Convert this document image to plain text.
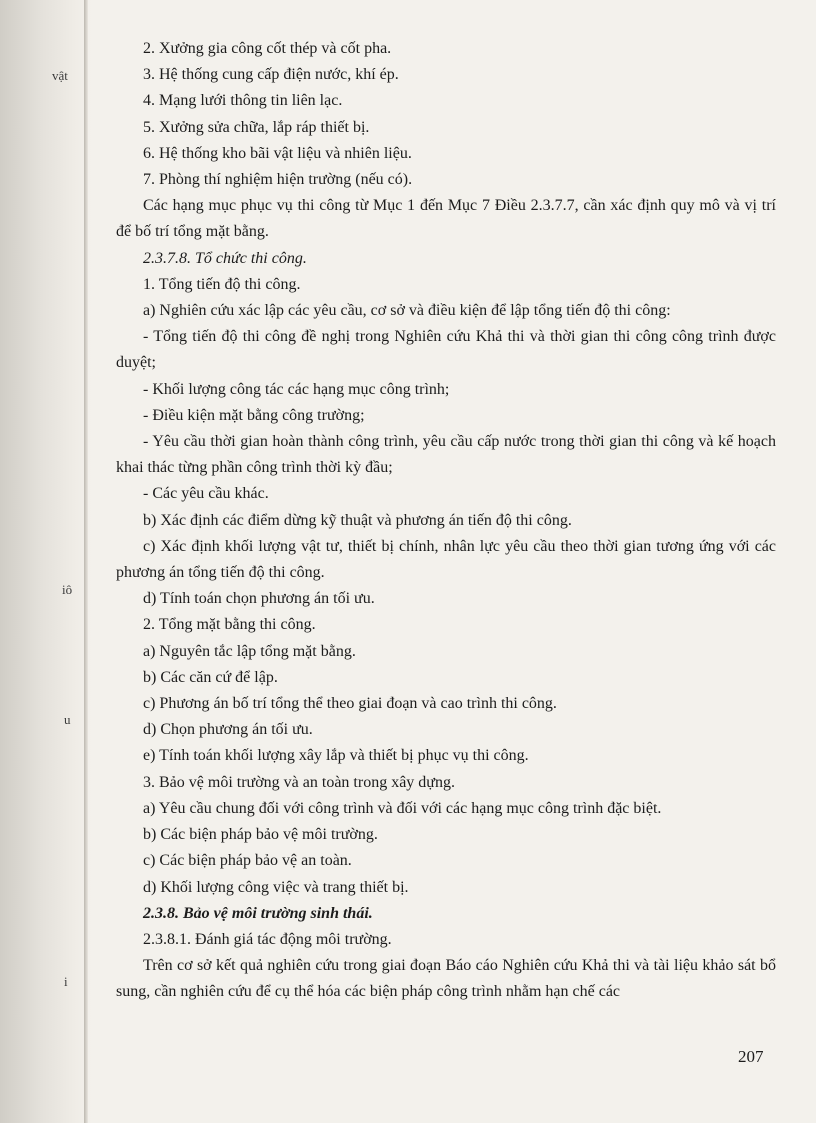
vật
iô
u
i

2. Xưởng gia công cốt thép và cốt pha.

3. Hệ thống cung cấp điện nước, khí ép.

4. Mạng lưới thông tin liên lạc.

5. Xưởng sửa chữa, lắp ráp thiết bị.

6. Hệ thống kho bãi vật liệu và nhiên liệu.

7. Phòng thí nghiệm hiện trường (nếu có).

Các hạng mục phục vụ thi công từ Mục 1 đến Mục 7 Điều 2.3.7.7, cần xác định quy mô và vị trí để bố trí tổng mặt bằng.

2.3.7.8. Tổ chức thi công.

1. Tổng tiến độ thi công.

a) Nghiên cứu xác lập các yêu cầu, cơ sở và điều kiện để lập tổng tiến độ thi công:

- Tổng tiến độ thi công đề nghị trong Nghiên cứu Khả thi và thời gian thi công công trình được duyệt;

- Khối lượng công tác các hạng mục công trình;

- Điều kiện mặt bằng công trường;

- Yêu cầu thời gian hoàn thành công trình, yêu cầu cấp nước trong thời gian thi công và kế hoạch khai thác từng phần công trình thời kỳ đầu;

- Các yêu cầu khác.

b) Xác định các điểm dừng kỹ thuật và phương án tiến độ thi công.

c) Xác định khối lượng vật tư, thiết bị chính, nhân lực yêu cầu theo thời gian tương ứng với các phương án tổng tiến độ thi công.

d) Tính toán chọn phương án tối ưu.

2. Tổng mặt bằng thi công.

a) Nguyên tắc lập tổng mặt bằng.

b) Các căn cứ để lập.

c) Phương án bố trí tổng thể theo giai đoạn và cao trình thi công.

d) Chọn phương án tối ưu.

e) Tính toán khối lượng xây lắp và thiết bị phục vụ thi công.

3. Bảo vệ môi trường và an toàn trong xây dựng.

a) Yêu cầu chung đối với công trình và đối với các hạng mục công trình đặc biệt.

b) Các biện pháp bảo vệ môi trường.

c) Các biện pháp bảo vệ an toàn.

d) Khối lượng công việc và trang thiết bị.

2.3.8. Bảo vệ môi trường sinh thái.

2.3.8.1. Đánh giá tác động môi trường.

Trên cơ sở kết quả nghiên cứu trong giai đoạn Báo cáo Nghiên cứu Khả thi và tài liệu khảo sát bổ sung, cần nghiên cứu để cụ thể hóa các biện pháp công trình nhằm hạn chế các

207
